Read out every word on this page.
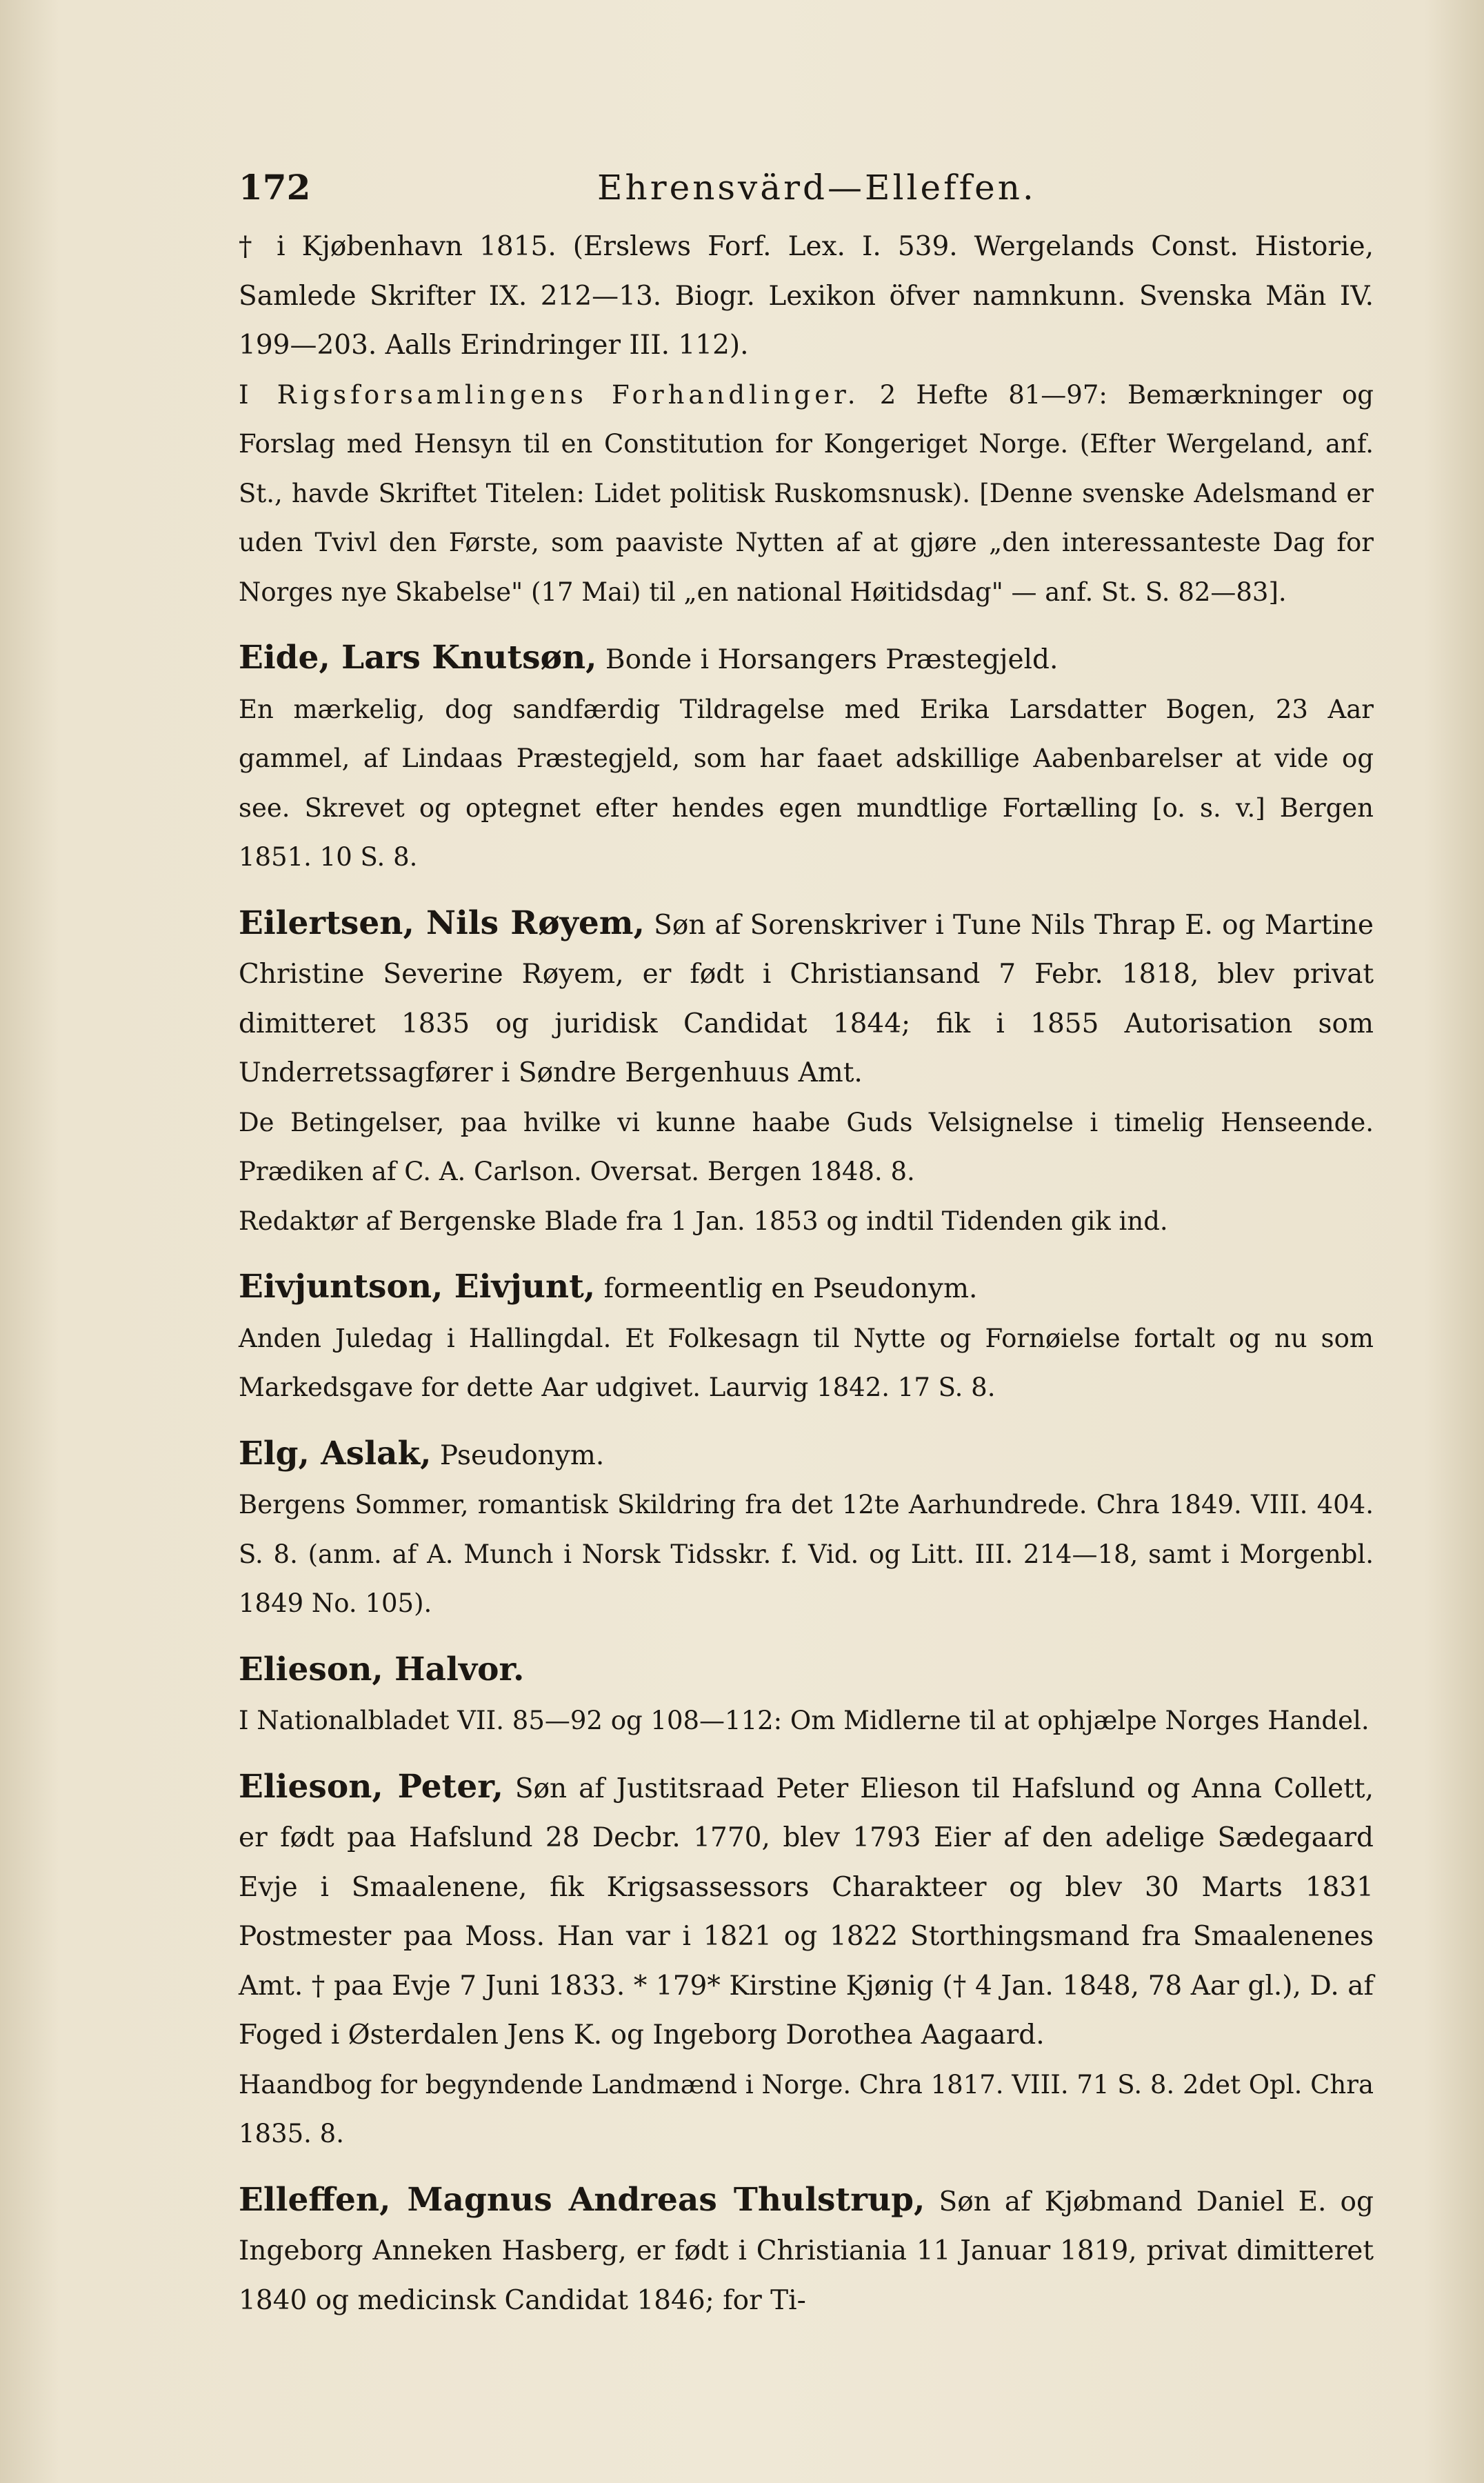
172	Ehrensvärd—Elleffen.

† i Kjøbenhavn 1815. (Erslews Forf. Lex. I. 539. Wergelands Const. Historie, Samlede Skrifter IX. 212—13. Biogr. Lexikon öfver namnkunn. Svenska Män IV. 199—203. Aalls Erindringer III. 112).

I Rigsforsamlingens Forhandlinger. 2 Hefte 81—97: Bemærkninger og Forslag med Hensyn til en Constitution for Kongeriget Norge. (Efter Wergeland, anf. St., havde Skriftet Titelen: Lidet politisk Ruskomsnusk). [Denne svenske Adelsmand er uden Tvivl den Første, som paaviste Nytten af at gjøre „den interessanteste Dag for Norges nye Skabelse" (17 Mai) til „en national Høitidsdag" — anf. St. S. 82—83].

Eide, Lars Knutsøn, Bonde i Horsangers Præstegjeld.

En mærkelig, dog sandfærdig Tildragelse med Erika Larsdatter Bogen, 23 Aar gammel, af Lindaas Præstegjeld, som har faaet adskillige Aabenbarelser at vide og see. Skrevet og optegnet efter hendes egen mundtlige Fortælling [o. s. v.] Bergen 1851. 10 S. 8.

Eilertsen, Nils Røyem, Søn af Sorenskriver i Tune Nils Thrap E. og Martine Christine Severine Røyem, er født i Christiansand 7 Febr. 1818, blev privat dimitteret 1835 og juridisk Candidat 1844; fik i 1855 Autorisation som Underretssagfører i Søndre Bergenhuus Amt.

De Betingelser, paa hvilke vi kunne haabe Guds Velsignelse i timelig Henseende. Prædiken af C. A. Carlson. Oversat. Bergen 1848. 8.

Redaktør af Bergenske Blade fra 1 Jan. 1853 og indtil Tidenden gik ind.

Eivjuntson, Eivjunt, formeentlig en Pseudonym.

Anden Juledag i Hallingdal. Et Folkesagn til Nytte og Fornøielse fortalt og nu som Markedsgave for dette Aar udgivet. Laurvig 1842. 17 S. 8.

Elg, Aslak, Pseudonym.

Bergens Sommer, romantisk Skildring fra det 12te Aarhundrede. Chra 1849. VIII. 404. S. 8. (anm. af A. Munch i Norsk Tidsskr. f. Vid. og Litt. III. 214—18, samt i Morgenbl. 1849 No. 105).

Elieson, Halvor.

I Nationalbladet VII. 85—92 og 108—112: Om Midlerne til at ophjælpe Norges Handel.

Elieson, Peter, Søn af Justitsraad Peter Elieson til Hafslund og Anna Collett, er født paa Hafslund 28 Decbr. 1770, blev 1793 Eier af den adelige Sædegaard Evje i Smaalenene, fik Krigsassessors Charakteer og blev 30 Marts 1831 Postmester paa Moss. Han var i 1821 og 1822 Storthingsmand fra Smaalenenes Amt. † paa Evje 7 Juni 1833. * 179* Kirstine Kjønig († 4 Jan. 1848, 78 Aar gl.), D. af Foged i Østerdalen Jens K. og Ingeborg Dorothea Aagaard.

Haandbog for begyndende Landmænd i Norge. Chra 1817. VIII. 71 S. 8. 2det Opl. Chra 1835. 8.

Elleffen, Magnus Andreas Thulstrup, Søn af Kjøbmand Daniel E. og Ingeborg Anneken Hasberg, er født i Christiania 11 Januar 1819, privat dimitteret 1840 og medicinsk Candidat 1846; for Ti-
